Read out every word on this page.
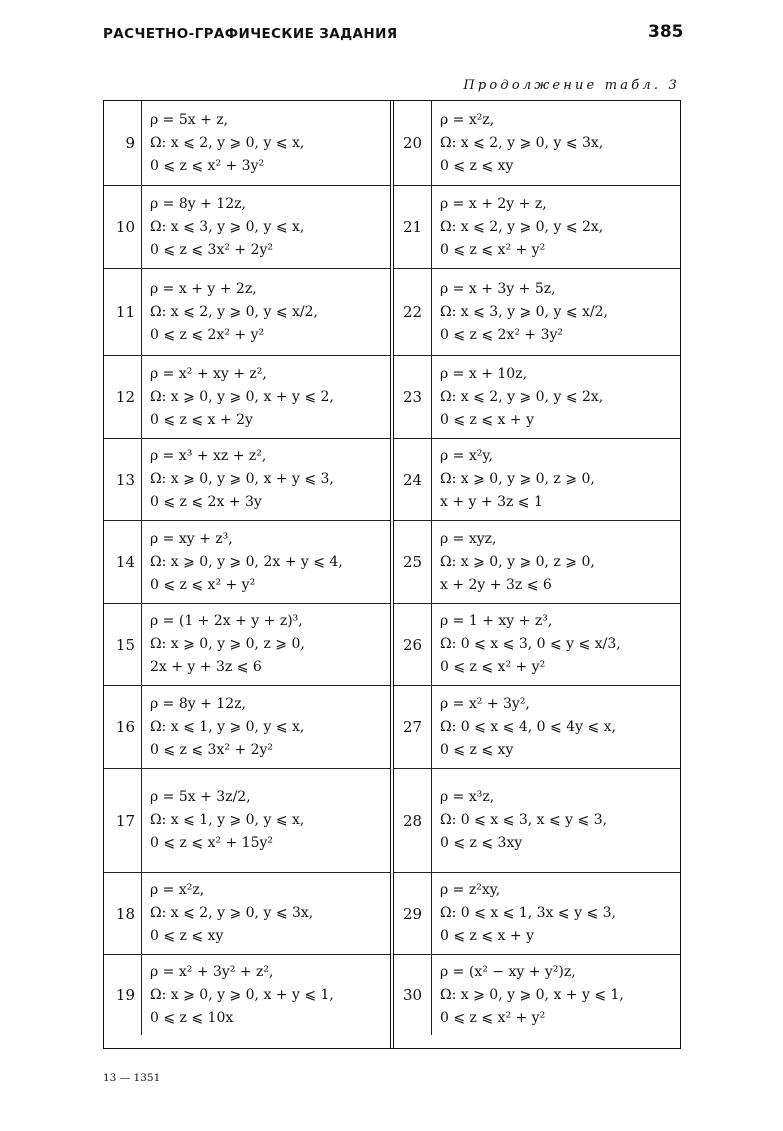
РАСЧЕТНО-ГРАФИЧЕСКИЕ ЗАДАНИЯ	385
Продолжение табл. 3
9
ρ = 5x + z,
Ω: x ⩽ 2, y ⩾ 0, y ⩽ x,
0 ⩽ z ⩽ x² + 3y²
10
ρ = 8y + 12z,
Ω: x ⩽ 3, y ⩾ 0, y ⩽ x,
0 ⩽ z ⩽ 3x² + 2y²
11
ρ = x + y + 2z,
Ω: x ⩽ 2, y ⩾ 0, y ⩽ x/2,
0 ⩽ z ⩽ 2x² + y²
12
ρ = x² + xy + z²,
Ω: x ⩾ 0, y ⩾ 0, x + y ⩽ 2,
0 ⩽ z ⩽ x + 2y
13
ρ = x³ + xz + z²,
Ω: x ⩾ 0, y ⩾ 0, x + y ⩽ 3,
0 ⩽ z ⩽ 2x + 3y
14
ρ = xy + z³,
Ω: x ⩾ 0, y ⩾ 0, 2x + y ⩽ 4,
0 ⩽ z ⩽ x² + y²
15
ρ = (1 + 2x + y + z)³,
Ω: x ⩾ 0, y ⩾ 0, z ⩾ 0,
2x + y + 3z ⩽ 6
16
ρ = 8y + 12z,
Ω: x ⩽ 1, y ⩾ 0, y ⩽ x,
0 ⩽ z ⩽ 3x² + 2y²
17
ρ = 5x + 3z/2,
Ω: x ⩽ 1, y ⩾ 0, y ⩽ x,
0 ⩽ z ⩽ x² + 15y²
18
ρ = x²z,
Ω: x ⩽ 2, y ⩾ 0, y ⩽ 3x,
0 ⩽ z ⩽ xy
19
ρ = x² + 3y² + z²,
Ω: x ⩾ 0, y ⩾ 0, x + y ⩽ 1,
0 ⩽ z ⩽ 10x
20
ρ = x²z,
Ω: x ⩽ 2, y ⩾ 0, y ⩽ 3x,
0 ⩽ z ⩽ xy
21
ρ = x + 2y + z,
Ω: x ⩽ 2, y ⩾ 0, y ⩽ 2x,
0 ⩽ z ⩽ x² + y²
22
ρ = x + 3y + 5z,
Ω: x ⩽ 3, y ⩾ 0, y ⩽ x/2,
0 ⩽ z ⩽ 2x² + 3y²
23
ρ = x + 10z,
Ω: x ⩽ 2, y ⩾ 0, y ⩽ 2x,
0 ⩽ z ⩽ x + y
24
ρ = x²y,
Ω: x ⩾ 0, y ⩾ 0, z ⩾ 0,
x + y + 3z ⩽ 1
25
ρ = xyz,
Ω: x ⩾ 0, y ⩾ 0, z ⩾ 0,
x + 2y + 3z ⩽ 6
26
ρ = 1 + xy + z³,
Ω: 0 ⩽ x ⩽ 3, 0 ⩽ y ⩽ x/3,
0 ⩽ z ⩽ x² + y²
27
ρ = x² + 3y²,
Ω: 0 ⩽ x ⩽ 4, 0 ⩽ 4y ⩽ x,
0 ⩽ z ⩽ xy
28
ρ = x³z,
Ω: 0 ⩽ x ⩽ 3, x ⩽ y ⩽ 3,
0 ⩽ z ⩽ 3xy
29
ρ = z²xy,
Ω: 0 ⩽ x ⩽ 1, 3x ⩽ y ⩽ 3,
0 ⩽ z ⩽ x + y
30
ρ = (x² − xy + y²)z,
Ω: x ⩾ 0, y ⩾ 0, x + y ⩽ 1,
0 ⩽ z ⩽ x² + y²
13 — 1351
